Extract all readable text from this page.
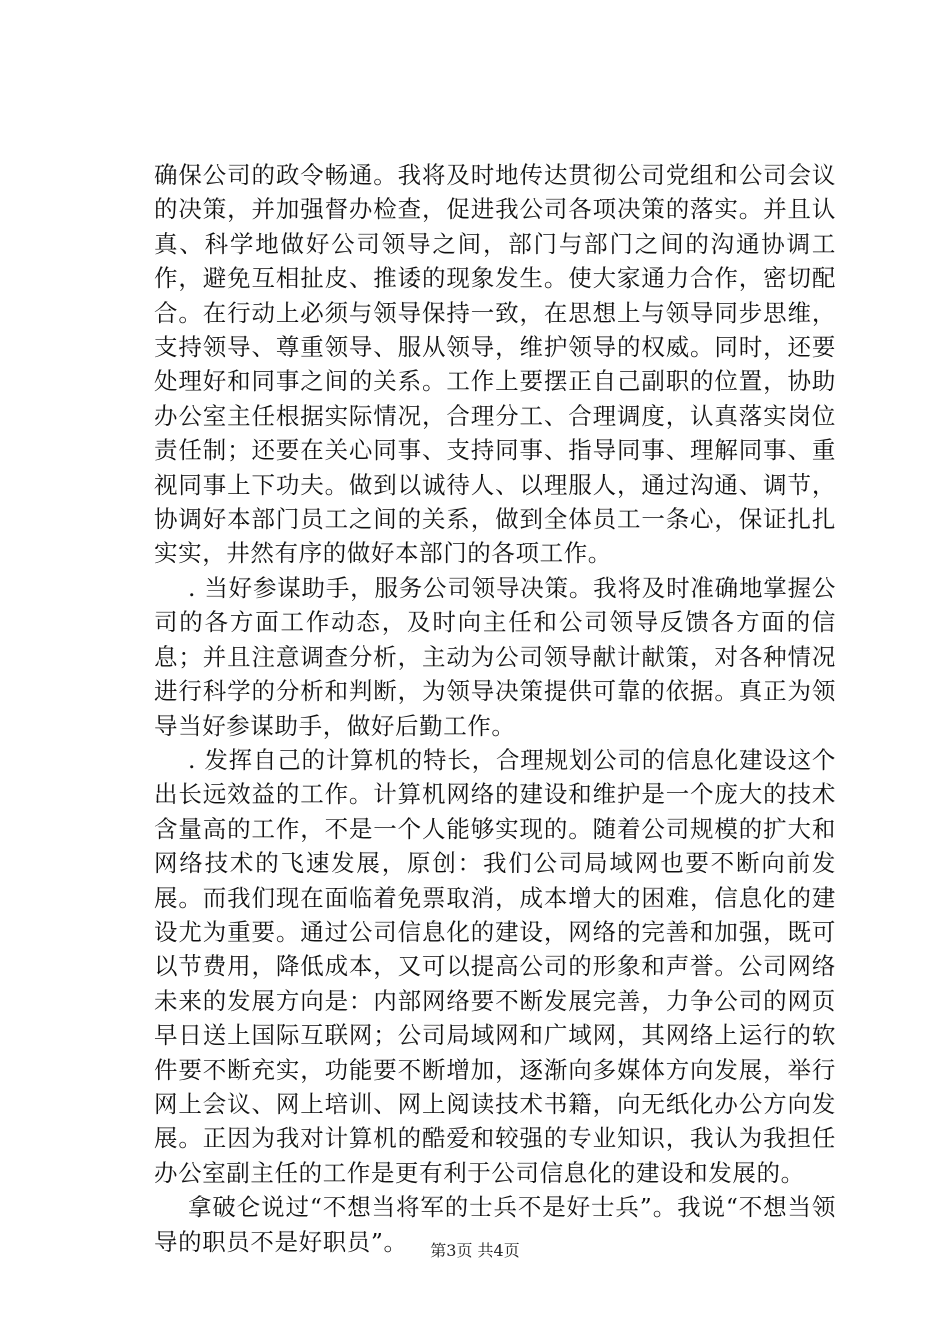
确保公司的政令畅通。我将及时地传达贯彻公司党组和公司会议的决策，并加强督办检查，促进我公司各项决策的落实。并且认真、科学地做好公司领导之间，部门与部门之间的沟通协调工作，避免互相扯皮、推诿的现象发生。使大家通力合作，密切配合。在行动上必须与领导保持一致，在思想上与领导同步思维，支持领导、尊重领导、服从领导，维护领导的权威。同时，还要处理好和同事之间的关系。工作上要摆正自己副职的位置，协助办公室主任根据实际情况，合理分工、合理调度，认真落实岗位责任制；还要在关心同事、支持同事、指导同事、理解同事、重视同事上下功夫。做到以诚待人、以理服人，通过沟通、调节，协调好本部门员工之间的关系，做到全体员工一条心，保证扎扎实实，井然有序的做好本部门的各项工作。

. 当好参谋助手，服务公司领导决策。我将及时准确地掌握公司的各方面工作动态，及时向主任和公司领导反馈各方面的信息；并且注意调查分析，主动为公司领导献计献策，对各种情况进行科学的分析和判断，为领导决策提供可靠的依据。真正为领导当好参谋助手，做好后勤工作。

. 发挥自己的计算机的特长，合理规划公司的信息化建设这个出长远效益的工作。计算机网络的建设和维护是一个庞大的技术含量高的工作，不是一个人能够实现的。随着公司规模的扩大和网络技术的飞速发展，原创：我们公司局域网也要不断向前发展。而我们现在面临着免票取消，成本增大的困难，信息化的建设尤为重要。通过公司信息化的建设，网络的完善和加强，既可以节费用，降低成本，又可以提高公司的形象和声誉。公司网络未来的发展方向是：内部网络要不断发展完善，力争公司的网页早日送上国际互联网；公司局域网和广域网，其网络上运行的软件要不断充实，功能要不断增加，逐渐向多媒体方向发展，举行网上会议、网上培训、网上阅读技术书籍，向无纸化办公方向发展。正因为我对计算机的酷爱和较强的专业知识，我认为我担任办公室副主任的工作是更有利于公司信息化的建设和发展的。

拿破仑说过“不想当将军的士兵不是好士兵”。我说“不想当领导的职员不是好职员”。	第3页 共4页
